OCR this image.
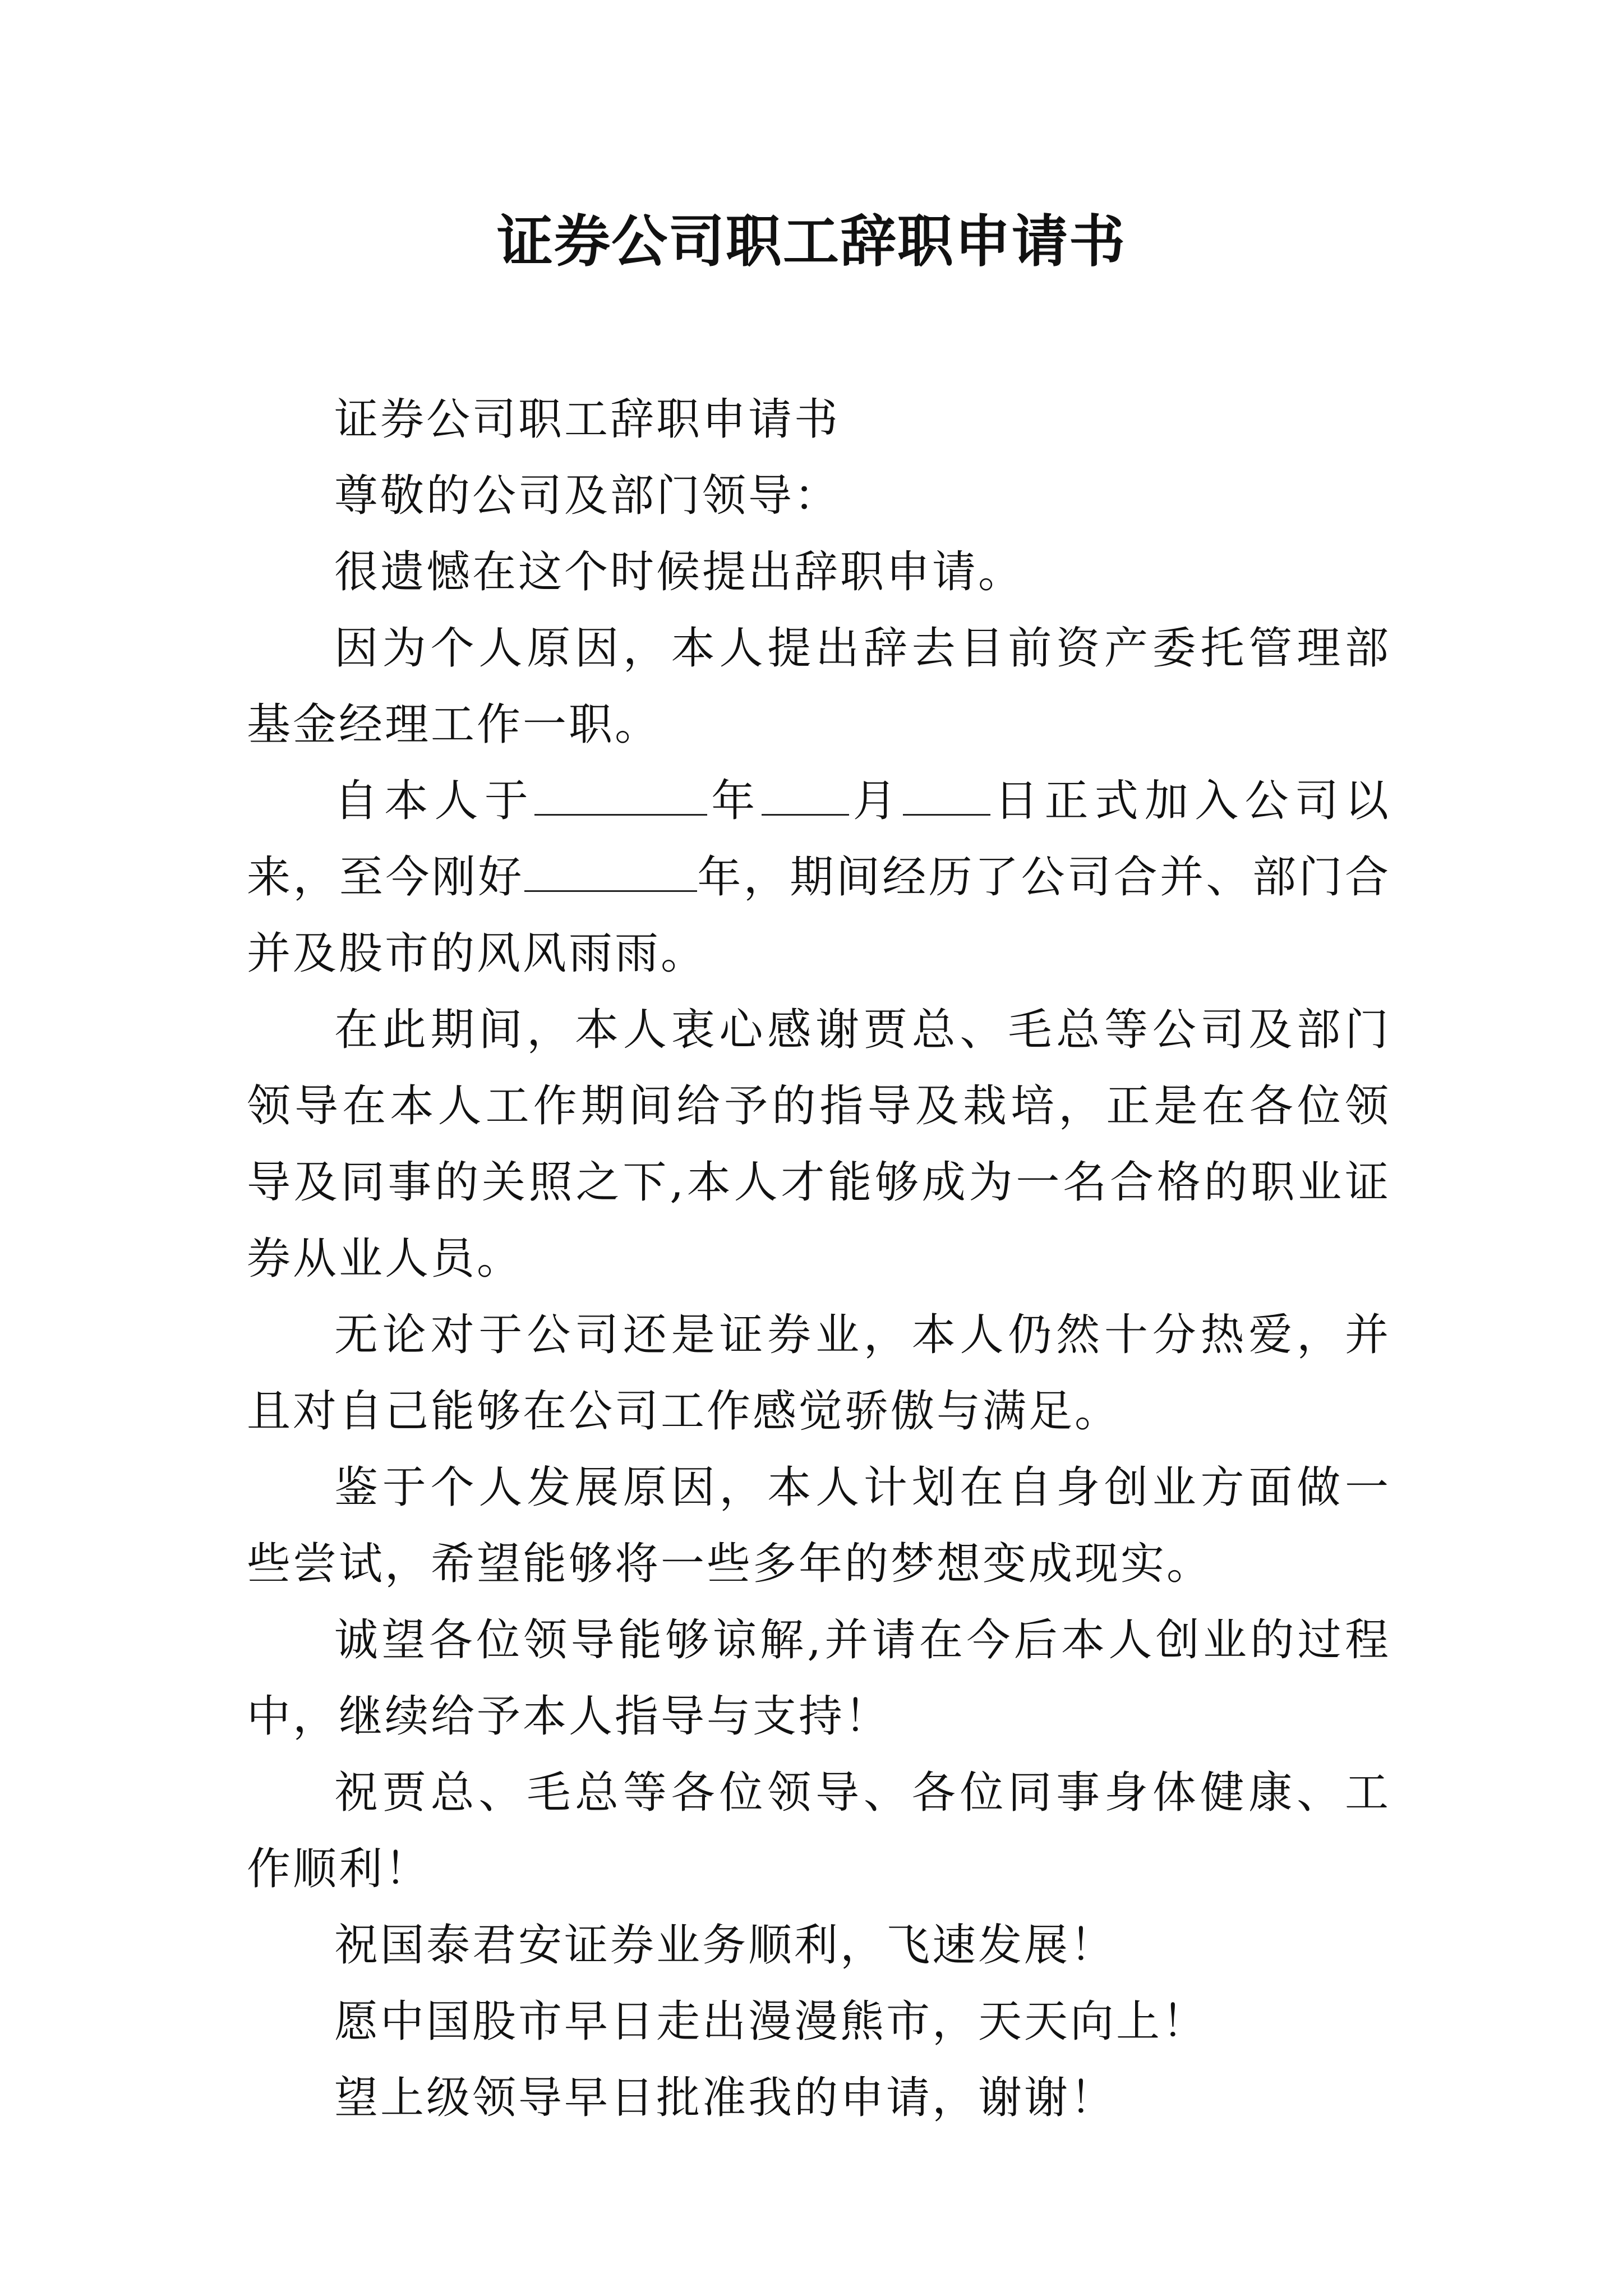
证券公司职工辞职申请书

证券公司职工辞职申请书

尊敬的公司及部门领导：

很遗憾在这个时候提出辞职申请。

因为个人原因，本人提出辞去目前资产委托管理部基金经理工作一职。

自本人于	年 月 日正式加入公司以来，至今刚好	年，期间经历了公司合并、部门合并及股市的风风雨雨。

在此期间，本人衷心感谢贾总、毛总等公司及部门领导在本人工作期间给予的指导及栽培，正是在各位领导及同事的关照之下,本人才能够成为一名合格的职业证券从业人员。

无论对于公司还是证券业，本人仍然十分热爱，并且对自己能够在公司工作感觉骄傲与满足。

鉴于个人发展原因，本人计划在自身创业方面做一些尝试，希望能够将一些多年的梦想变成现实。

诚望各位领导能够谅解,并请在今后本人创业的过程中，继续给予本人指导与支持！

祝贾总、毛总等各位领导、各位同事身体健康、工作顺利！

祝国泰君安证券业务顺利，飞速发展！

愿中国股市早日走出漫漫熊市，天天向上！

望上级领导早日批准我的申请，谢谢！
